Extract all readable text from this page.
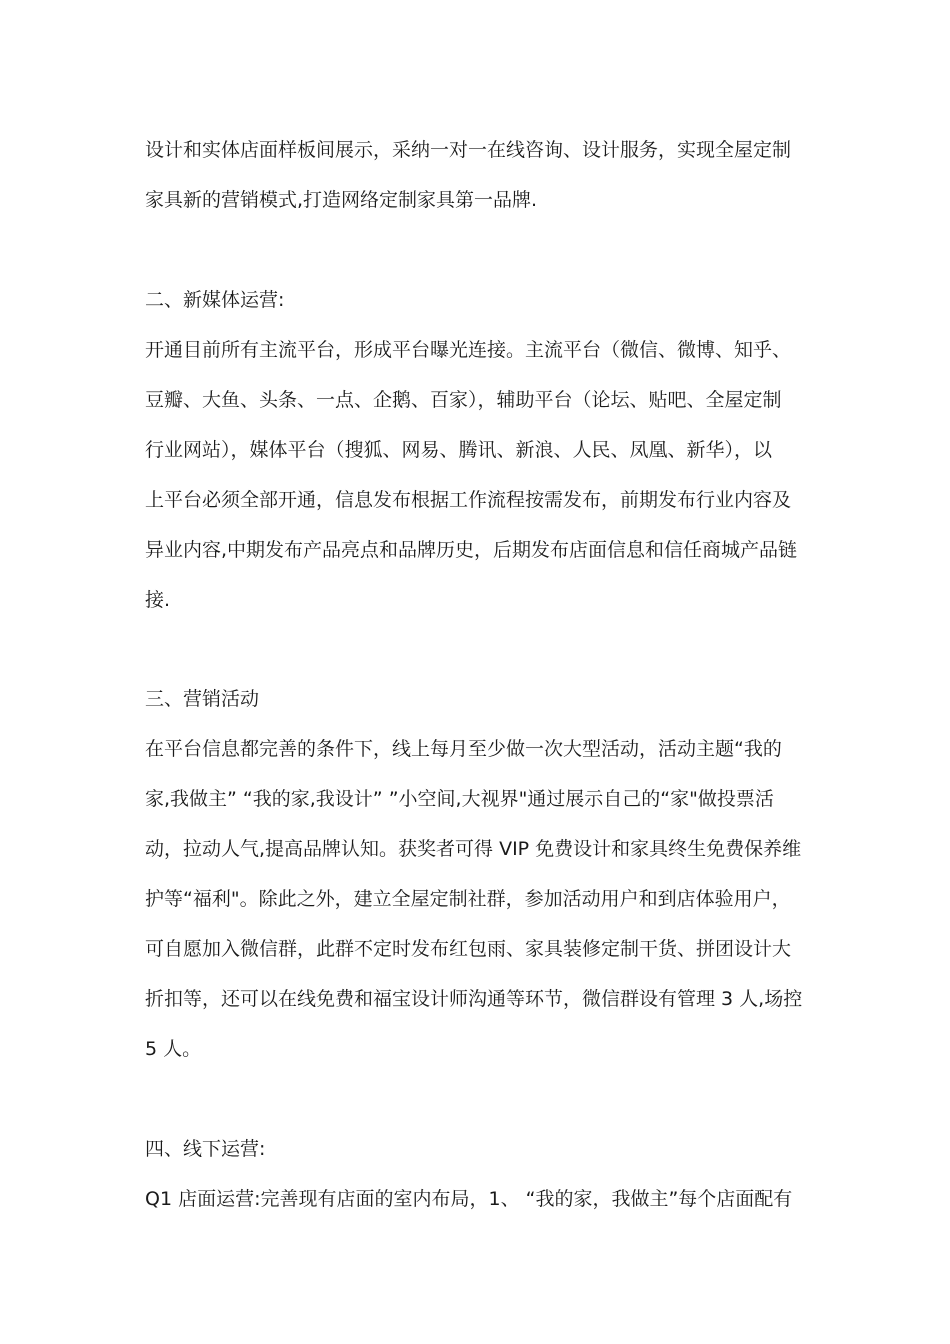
设计和实体店面样板间展示，采纳一对一在线咨询、设计服务，实现全屋定制
家具新的营销模式,打造网络定制家具第一品牌.
二、新媒体运营:
开通目前所有主流平台，形成平台曝光连接。主流平台（微信、微博、知乎、
豆瓣、大鱼、头条、一点、企鹅、百家），辅助平台（论坛、贴吧、全屋定制
行业网站），媒体平台（搜狐、网易、腾讯、新浪、人民、凤凰、新华），以
上平台必须全部开通，信息发布根据工作流程按需发布，前期发布行业内容及
异业内容,中期发布产品亮点和品牌历史，后期发布店面信息和信任商城产品链
接.
三、营销活动
在平台信息都完善的条件下，线上每月至少做一次大型活动，活动主题“我的
家,我做主” “我的家,我设计” ”小空间,大视界"通过展示自己的“家"做投票活
动，拉动人气,提高品牌认知。获奖者可得 VIP 免费设计和家具终生免费保养维
护等“福利"。除此之外，建立全屋定制社群，参加活动用户和到店体验用户，
可自愿加入微信群，此群不定时发布红包雨、家具装修定制干货、拼团设计大
折扣等，还可以在线免费和福宝设计师沟通等环节，微信群设有管理 3 人,场控
5 人。
四、线下运营:
Q1 店面运营:完善现有店面的室内布局，1、 “我的家，我做主”每个店面配有
